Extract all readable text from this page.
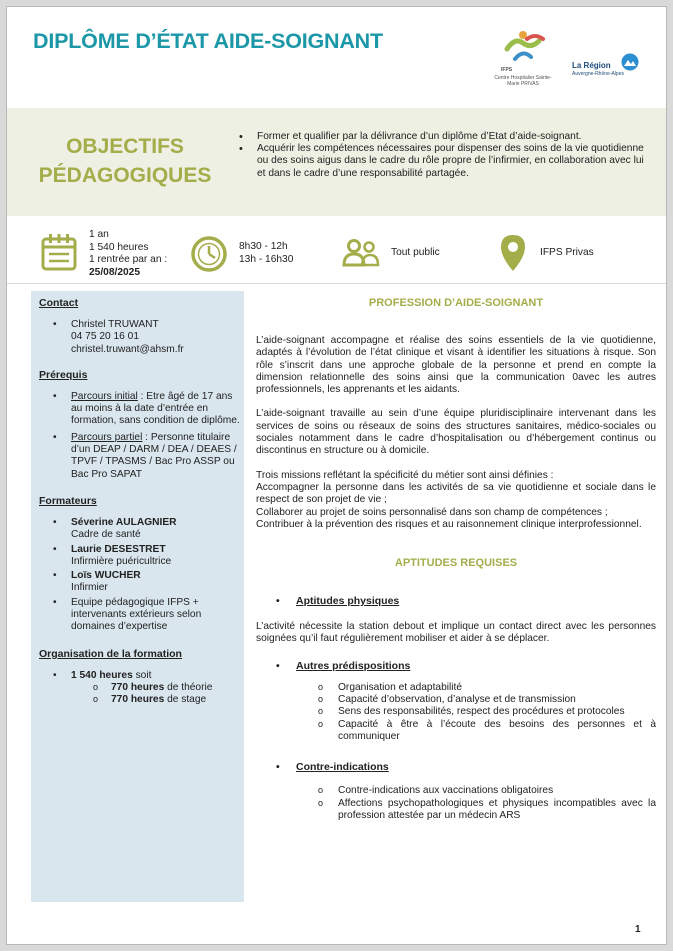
DIPLÔME D’ÉTAT AIDE-SOIGNANT
IFPS
Centre Hospitalier Sainte-Marie PRIVAS
La Région
Auvergne-Rhône-Alpes
OBJECTIFS
PÉDAGOGIQUES
• Former et qualifier par la délivrance d’un diplôme d’Etat d’aide-soignant.
• Acquérir les compétences nécessaires pour dispenser des soins de la vie quotidienne ou des soins aigus dans le cadre du rôle propre de l’infirmier, en collaboration avec lui et dans le cadre d’une responsabilité partagée.
1 an
1 540 heures
1 rentrée par an :
25/08/2025
8h30 - 12h
13h - 16h30
Tout public	IFPS Privas
Contact
• Christel TRUWANT
04 75 20 16 01
christel.truwant@ahsm.fr
Prérequis
• Parcours initial : Etre âgé de 17 ans au moins à la date d’entrée en formation, sans condition de diplôme.
• Parcours partiel : Personne titulaire d’un DEAP / DARM / DEA / DEAES / TPVF / TPASMS / Bac Pro ASSP ou Bac Pro SAPAT
Formateurs
• Séverine AULAGNIER
Cadre de santé
• Laurie DESESTRET
Infirmière puéricultrice
• Loïs WUCHER
Infirmier
• Equipe pédagogique IFPS + intervenants extérieurs selon domaines d’expertise
Organisation de la formation
• 1 540 heures soit
o 770 heures de théorie
o 770 heures de stage
PROFESSION D’AIDE-SOIGNANT

L’aide-soignant accompagne et réalise des soins essentiels de la vie quotidienne, adaptés à l’évolution de l’état clinique et visant à identifier les situations à risque. Son rôle s’inscrit dans une approche globale de la personne et prend en compte la dimension relationnelle des soins ainsi que la communication 0avec les autres professionnels, les apprenants et les aidants.

L’aide-soignant travaille au sein d’une équipe pluridisciplinaire intervenant dans les services de soins ou réseaux de soins des structures sanitaires, médico-sociales ou sociales notamment dans le cadre d’hospitalisation ou d’hébergement continus ou discontinus en structure ou à domicile.

Trois missions reflétant la spécificité du métier sont ainsi définies :

Accompagner la personne dans les activités de sa vie quotidienne et sociale dans le respect de son projet de vie ;

Collaborer au projet de soins personnalisé dans son champ de compétences ;

Contribuer à la prévention des risques et au raisonnement clinique interprofessionnel.

APTITUDES REQUISES
• Aptitudes physiques

L’activité nécessite la station debout et implique un contact direct avec les personnes soignées qu’il faut régulièrement mobiliser et aider à se déplacer.

• Autres prédispositions
o Organisation et adaptabilité
o Capacité d’observation, d’analyse et de transmission
o Sens des responsabilités, respect des procédures et protocoles
o Capacité à être à l’écoute des besoins des personnes et à communiquer
• Contre-indications
o Contre-indications aux vaccinations obligatoires
o Affections psychopathologiques et physiques incompatibles avec la profession attestée par un médecin ARS
1
